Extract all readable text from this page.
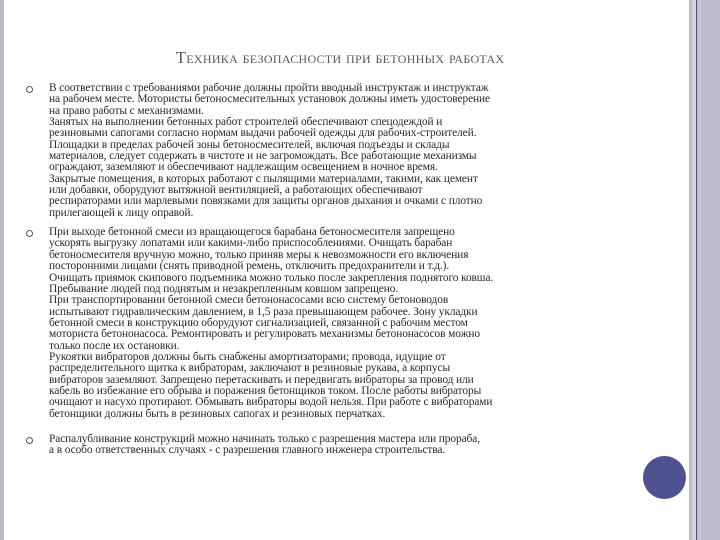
Техника безопасности при бетонных работах
В соответствии с требованиями рабочие должны пройти вводный инструктаж и инструктаж
на рабочем месте. Мотористы бетоносмесительных установок должны иметь удостоверение
на право работы с механизмами.
Занятых на выполнении бетонных работ строителей обеспечивают спецодеждой и
резиновыми сапогами согласно нормам выдачи рабочей одежды для рабочих-строителей.
Площадки в пределах рабочей зоны бетоносмесителей, включая подъезды и склады
материалов, следует содержать в чистоте и не загромождать. Все работающие механизмы
ограждают, заземляют и обеспечивают надлежащим освещением в ночное время.
Закрытые помещения, в которых работают с пылящими материалами, такими, как цемент
или добавки, оборудуют вытяжной вентиляцией, а работающих обеспечивают
респираторами или марлевыми повязками для защиты органов дыхания и очками с плотно
прилегающей к лицу оправой.
При выходе бетонной смеси из вращающегося барабана бетоносмесителя запрещено
ускорять выгрузку лопатами или какими-либо приспособлениями. Очищать барабан
бетоносмесителя вручную можно, только приняв меры к невозможности его включения
посторонними лицами (снять приводной ремень, отключить предохранители и т.д.).
Очищать приямок скипового подъемника можно только после закрепления поднятого ковша.
Пребывание людей под поднятым и незакрепленным ковшом запрещено.
При транспортировании бетонной смеси бетононасосами всю систему бетоноводов
испытывают гидравлическим давлением, в 1,5 раза превышающем рабочее. Зону укладки
бетонной смеси в конструкцию оборудуют сигнализацией, связанной с рабочим местом
моториста бетононасоса. Ремонтировать и регулировать механизмы бетононасосов можно
только после их остановки.
Рукоятки вибраторов должны быть снабжены амортизаторами; провода, идущие от
распределительного щитка к вибраторам, заключают в резиновые рукава, а корпусы
вибраторов заземляют. Запрещено перетаскивать и передвигать вибраторы за провод или
кабель во избежание его обрыва и поражения бетонщиков током. После работы вибраторы
очищают и насухо протирают. Обмывать вибраторы водой нельзя. При работе с вибраторами
бетонщики должны быть в резиновых сапогах и резиновых перчатках.
Распалубливание конструкций можно начинать только с разрешения мастера или прораба,
а в особо ответственных случаях - с разрешения главного инженера строительства.
